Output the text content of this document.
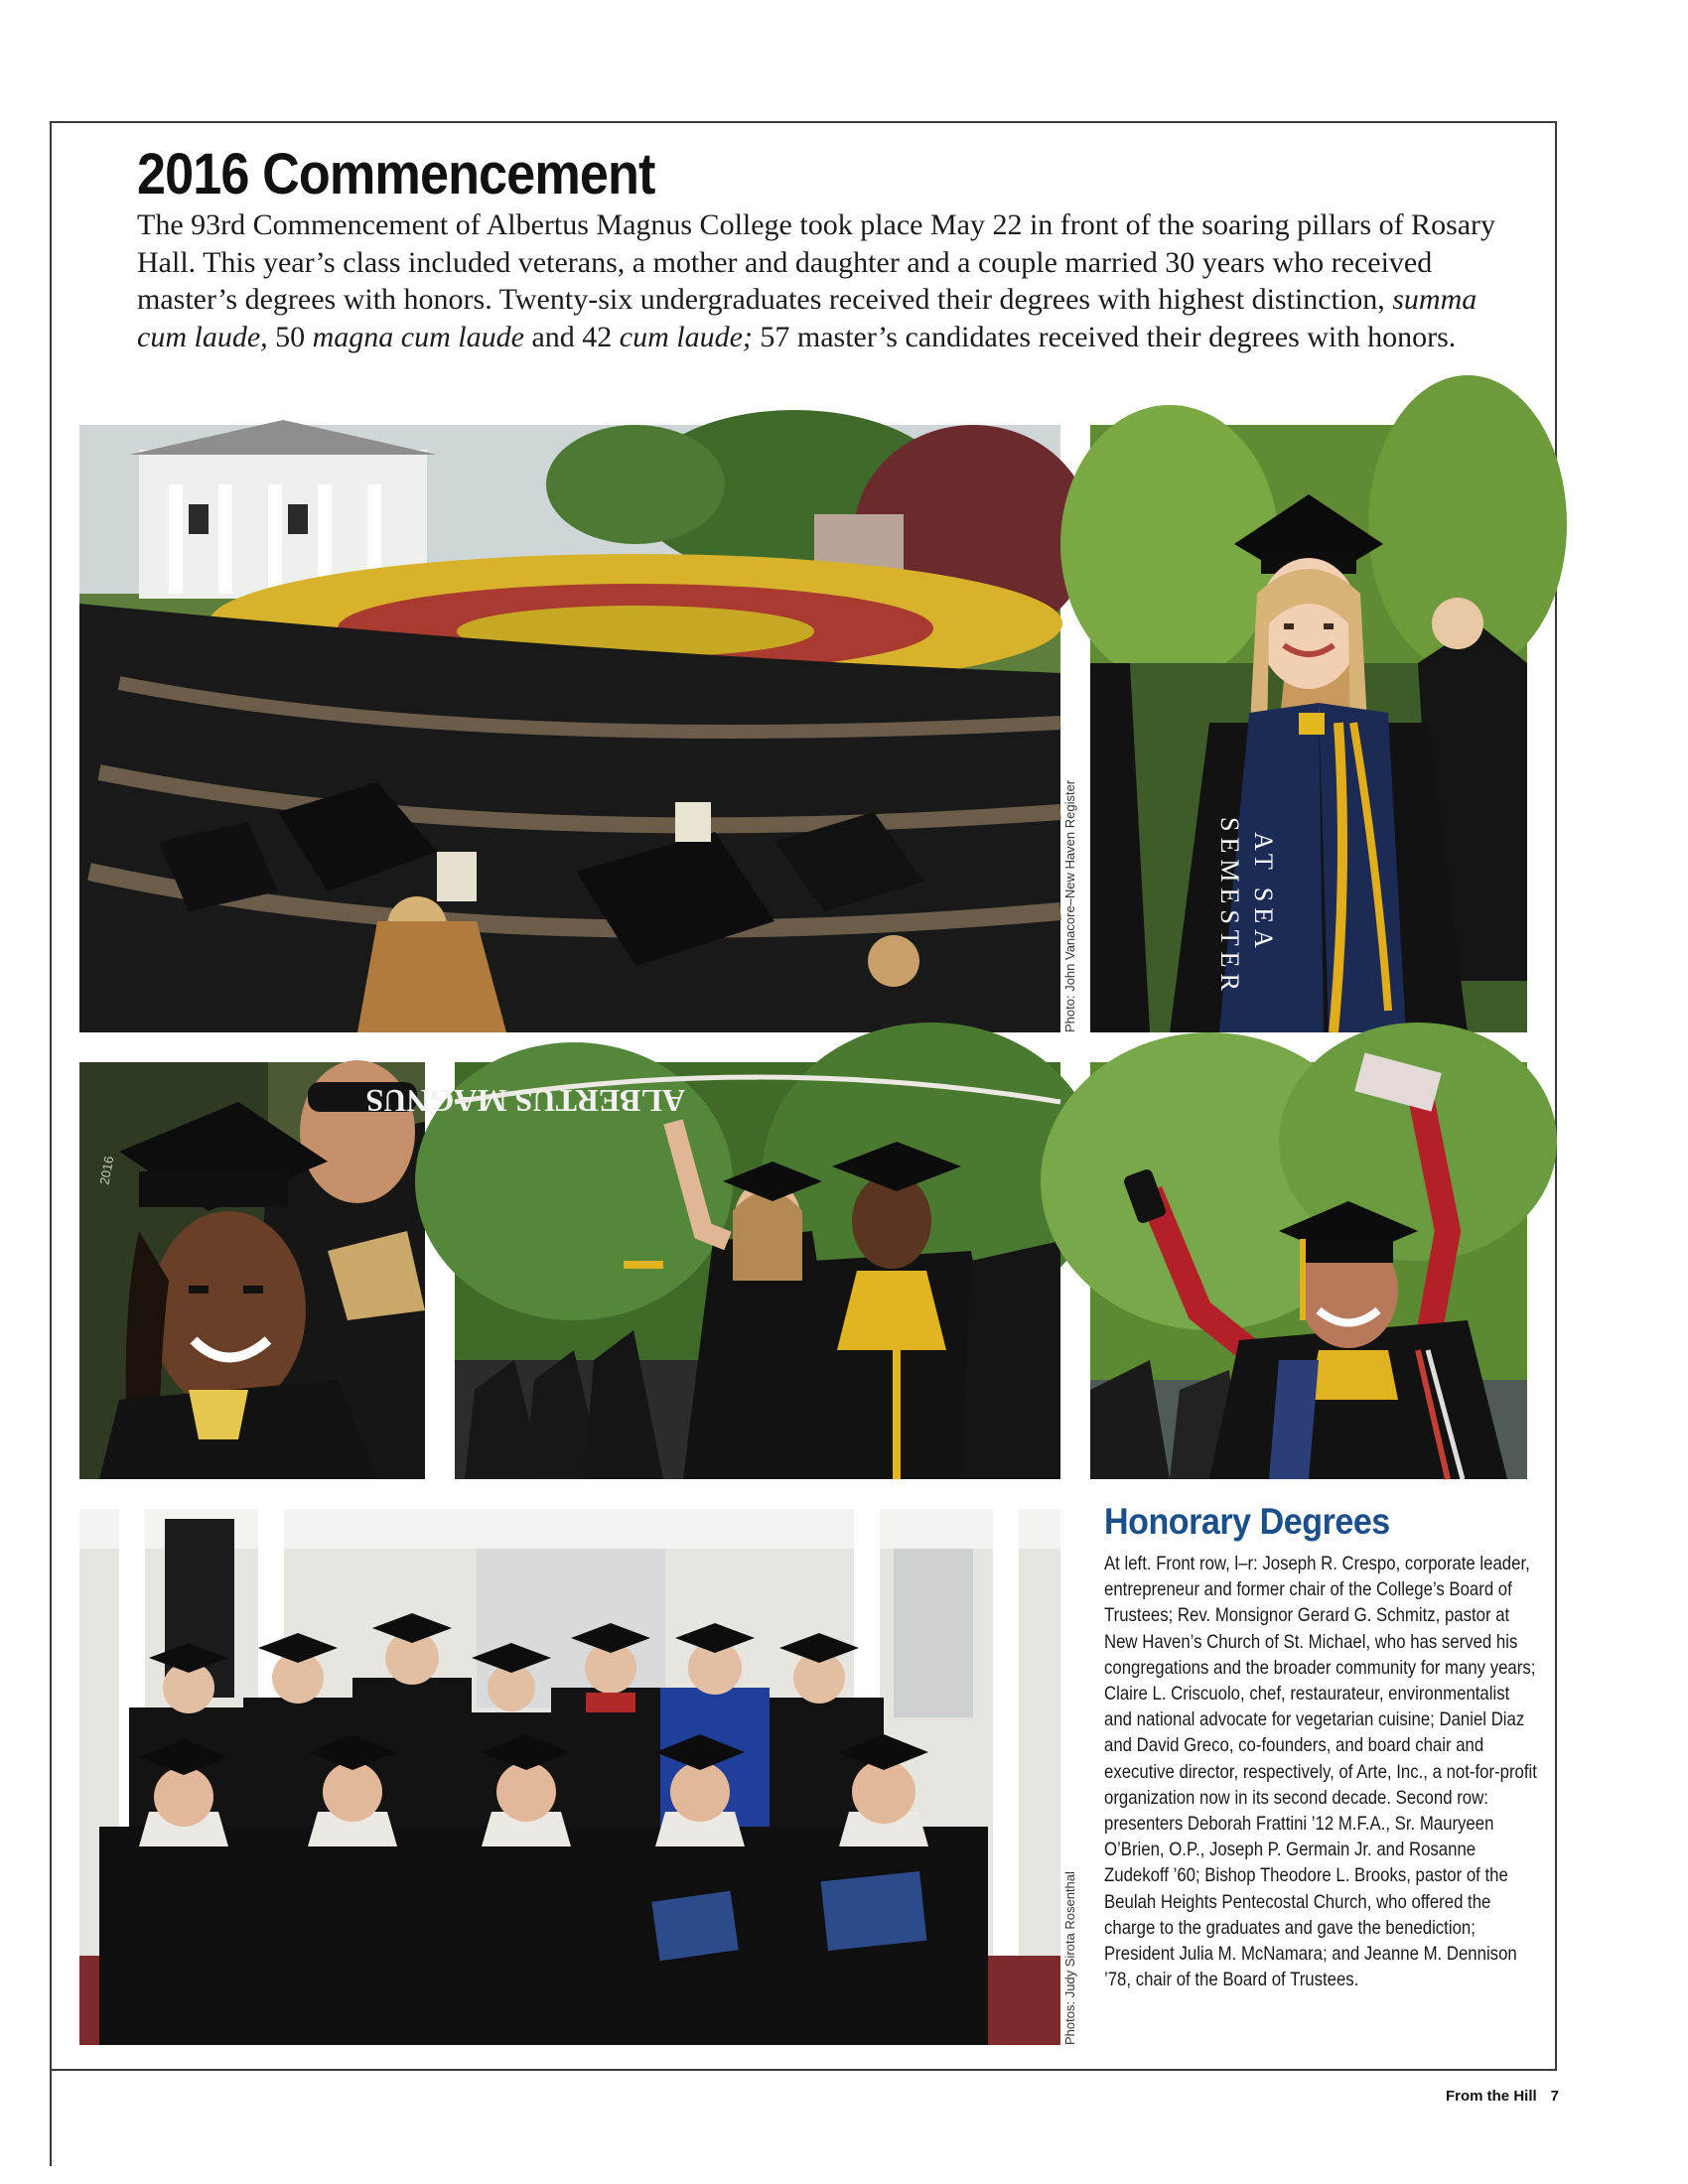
2016 Commencement

The 93rd Commencement of Albertus Magnus College took place May 22 in front of the soaring pillars of Rosary Hall. This year’s class included veterans, a mother and daughter and a couple married 30 years who received master’s degrees with honors. Twenty-six undergraduates received their degrees with highest distinction, summa cum laude, 50 magna cum laude and 42 cum laude; 57 master’s candidates received their degrees with honors.

Photo: John Vanacore–New Haven Register	SEMESTER AT SEA
2016
ALBERTUS MAGNUS
Photos: Judy Sirota Rosenthal
Honorary Degrees

At left. Front row, l–r: Joseph R. Crespo, corporate leader, entrepreneur and former chair of the College’s Board of Trustees; Rev. Monsignor Gerard G. Schmitz, pastor at New Haven’s Church of St. Michael, who has served his congregations and the broader community for many years; Claire L. Criscuolo, chef, restaurateur, environmentalist and national advocate for vegetarian cuisine; Daniel Diaz and David Greco, co-founders, and board chair and executive director, respectively, of Arte, Inc., a not-for-profit organization now in its second decade. Second row: presenters Deborah Frattini ’12 M.F.A., Sr. Mauryeen O’Brien, O.P., Joseph P. Germain Jr. and Rosanne Zudekoff ’60; Bishop Theodore L. Brooks, pastor of the Beulah Heights Pentecostal Church, who offered the charge to the graduates and gave the benediction; President Julia M. McNamara; and Jeanne M. Dennison ’78, chair of the Board of Trustees.

From the Hill 7
